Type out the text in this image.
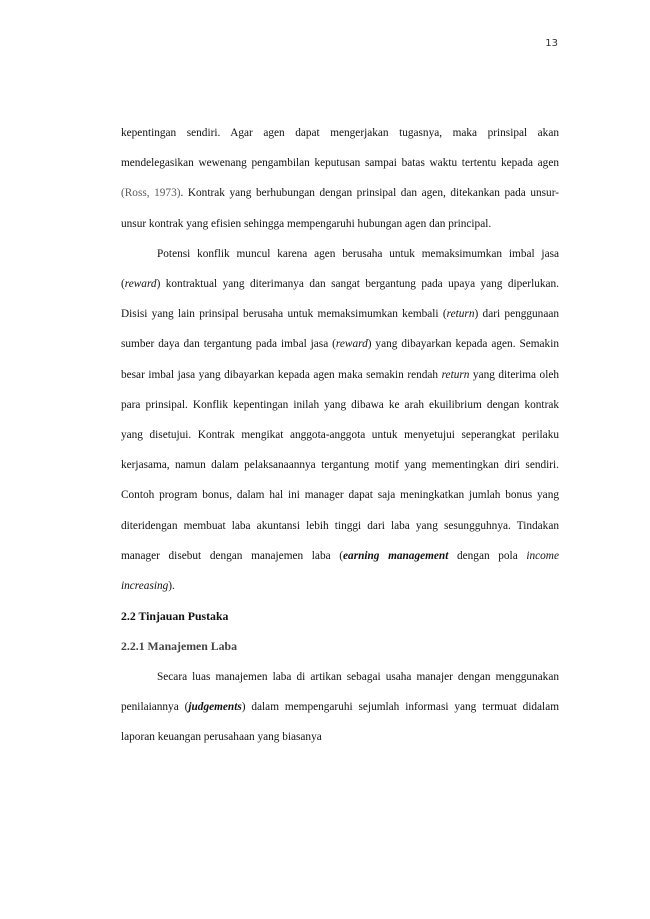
13

kepentingan sendiri. Agar agen dapat mengerjakan tugasnya, maka prinsipal akan mendelegasikan wewenang pengambilan keputusan sampai batas waktu tertentu kepada agen (Ross, 1973). Kontrak yang berhubungan dengan prinsipal dan agen, ditekankan pada unsur-unsur kontrak yang efisien sehingga mempengaruhi hubungan agen dan principal.

Potensi konflik muncul karena agen berusaha untuk memaksimumkan imbal jasa (reward) kontraktual yang diterimanya dan sangat bergantung pada upaya yang diperlukan. Disisi yang lain prinsipal berusaha untuk memaksimumkan kembali (return) dari penggunaan sumber daya dan tergantung pada imbal jasa (reward) yang dibayarkan kepada agen. Semakin besar imbal jasa yang dibayarkan kepada agen maka semakin rendah return yang diterima oleh para prinsipal. Konflik kepentingan inilah yang dibawa ke arah ekuilibrium dengan kontrak yang disetujui. Kontrak mengikat anggota-anggota untuk menyetujui seperangkat perilaku kerjasama, namun dalam pelaksanaannya tergantung motif yang mementingkan diri sendiri. Contoh program bonus, dalam hal ini manager dapat saja meningkatkan jumlah bonus yang diteridengan membuat laba akuntansi lebih tinggi dari laba yang sesungguhnya. Tindakan manager disebut dengan manajemen laba (earning management dengan pola income increasing).

2.2 Tinjauan Pustaka
2.2.1 Manajemen Laba

Secara luas manajemen laba di artikan sebagai usaha manajer dengan menggunakan penilaiannya (judgements) dalam mempengaruhi sejumlah informasi yang termuat didalam laporan keuangan perusahaan yang biasanya
